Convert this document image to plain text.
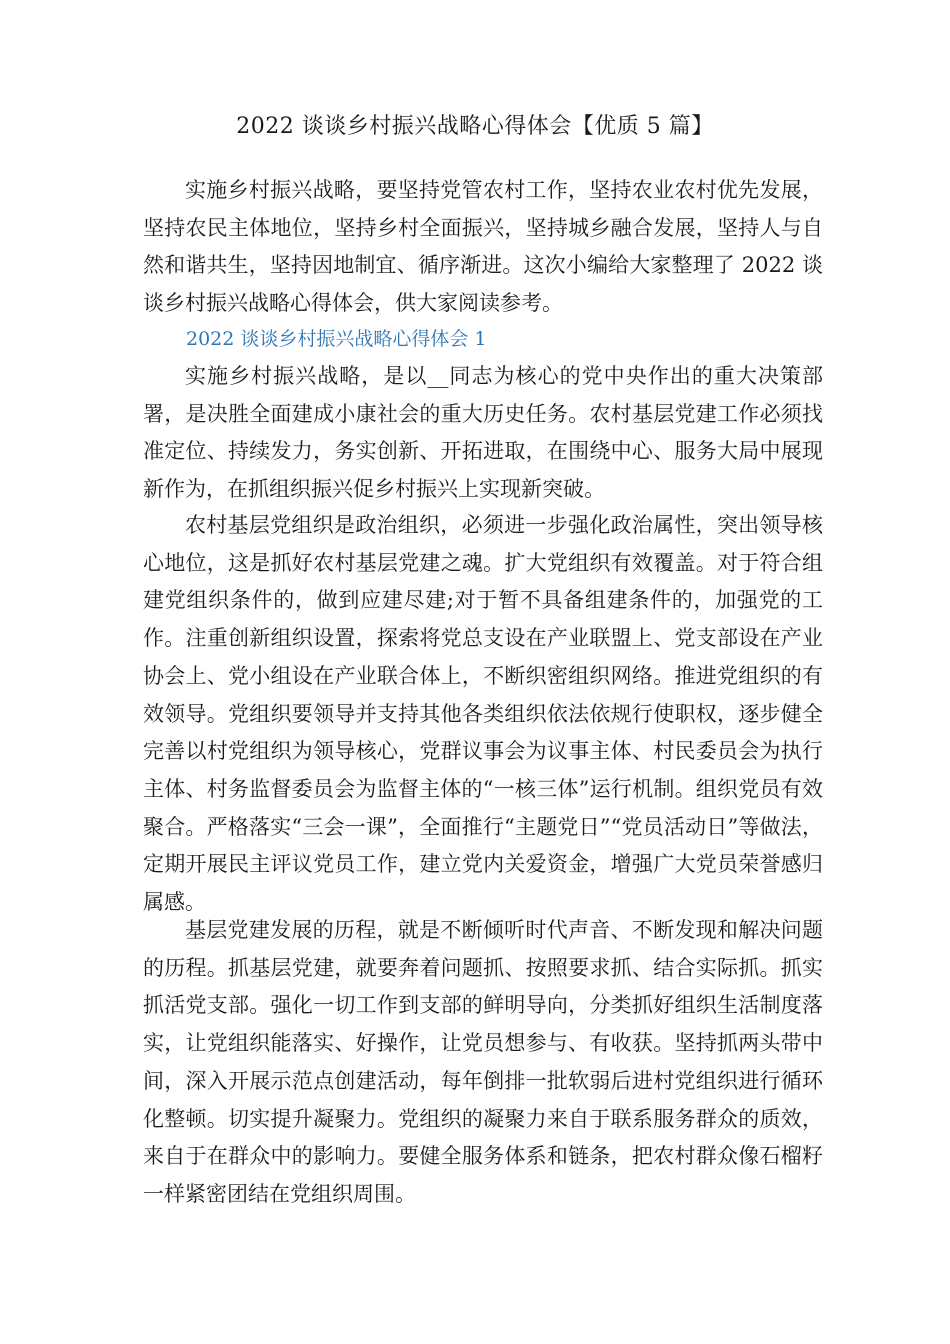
2022 谈谈乡村振兴战略心得体会【优质 5 篇】

实施乡村振兴战略，要坚持党管农村工作，坚持农业农村优先发展，坚持农民主体地位，坚持乡村全面振兴，坚持城乡融合发展，坚持人与自然和谐共生，坚持因地制宜、循序渐进。这次小编给大家整理了 2022 谈谈乡村振兴战略心得体会，供大家阅读参考。

2022 谈谈乡村振兴战略心得体会 1

实施乡村振兴战略，是以__同志为核心的党中央作出的重大决策部署，是决胜全面建成小康社会的重大历史任务。农村基层党建工作必须找准定位、持续发力，务实创新、开拓进取，在围绕中心、服务大局中展现新作为，在抓组织振兴促乡村振兴上实现新突破。

农村基层党组织是政治组织，必须进一步强化政治属性，突出领导核心地位，这是抓好农村基层党建之魂。扩大党组织有效覆盖。对于符合组建党组织条件的，做到应建尽建;对于暂不具备组建条件的，加强党的工作。注重创新组织设置，探索将党总支设在产业联盟上、党支部设在产业协会上、党小组设在产业联合体上，不断织密组织网络。推进党组织的有效领导。党组织要领导并支持其他各类组织依法依规行使职权，逐步健全完善以村党组织为领导核心，党群议事会为议事主体、村民委员会为执行主体、村务监督委员会为监督主体的“一核三体”运行机制。组织党员有效聚合。严格落实“三会一课”，全面推行“主题党日”“党员活动日”等做法，定期开展民主评议党员工作，建立党内关爱资金，增强广大党员荣誉感归属感。

基层党建发展的历程，就是不断倾听时代声音、不断发现和解决问题的历程。抓基层党建，就要奔着问题抓、按照要求抓、结合实际抓。抓实抓活党支部。强化一切工作到支部的鲜明导向，分类抓好组织生活制度落实，让党组织能落实、好操作，让党员想参与、有收获。坚持抓两头带中间，深入开展示范点创建活动，每年倒排一批软弱后进村党组织进行循环化整顿。切实提升凝聚力。党组织的凝聚力来自于联系服务群众的质效，来自于在群众中的影响力。要健全服务体系和链条，把农村群众像石榴籽一样紧密团结在党组织周围。
